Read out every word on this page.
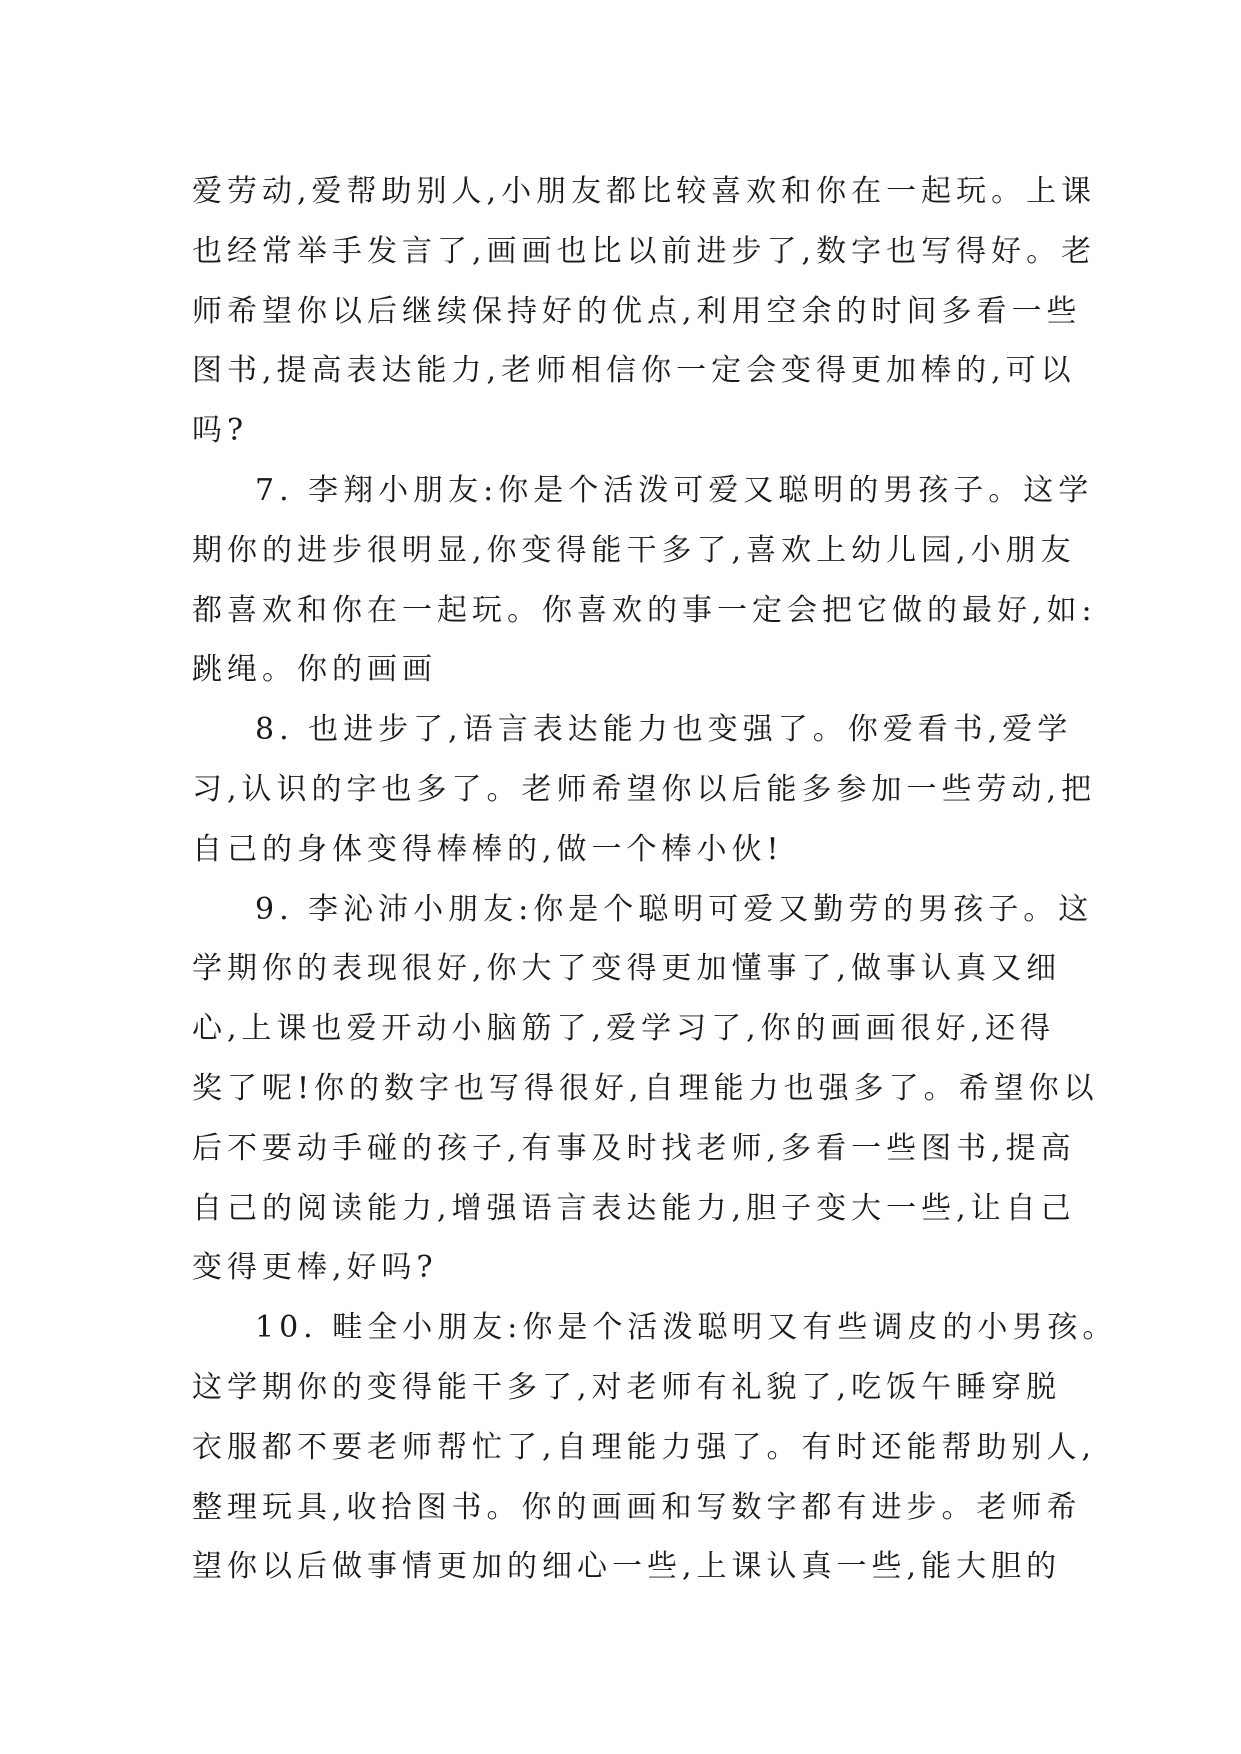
爱劳动,爱帮助别人,小朋友都比较喜欢和你在一起玩。上课
也经常举手发言了,画画也比以前进步了,数字也写得好。老
师希望你以后继续保持好的优点,利用空余的时间多看一些
图书,提高表达能力,老师相信你一定会变得更加棒的,可以
吗?
7. 李翔小朋友:你是个活泼可爱又聪明的男孩子。这学
期你的进步很明显,你变得能干多了,喜欢上幼儿园,小朋友
都喜欢和你在一起玩。你喜欢的事一定会把它做的最好,如:
跳绳。你的画画
8. 也进步了,语言表达能力也变强了。你爱看书,爱学
习,认识的字也多了。老师希望你以后能多参加一些劳动,把
自己的身体变得棒棒的,做一个棒小伙!
9. 李沁沛小朋友:你是个聪明可爱又勤劳的男孩子。这
学期你的表现很好,你大了变得更加懂事了,做事认真又细
心,上课也爱开动小脑筋了,爱学习了,你的画画很好,还得
奖了呢!你的数字也写得很好,自理能力也强多了。希望你以
后不要动手碰的孩子,有事及时找老师,多看一些图书,提高
自己的阅读能力,增强语言表达能力,胆子变大一些,让自己
变得更棒,好吗?
10. 畦全小朋友:你是个活泼聪明又有些调皮的小男孩。
这学期你的变得能干多了,对老师有礼貌了,吃饭午睡穿脱
衣服都不要老师帮忙了,自理能力强了。有时还能帮助别人,
整理玩具,收拾图书。你的画画和写数字都有进步。老师希
望你以后做事情更加的细心一些,上课认真一些,能大胆的
